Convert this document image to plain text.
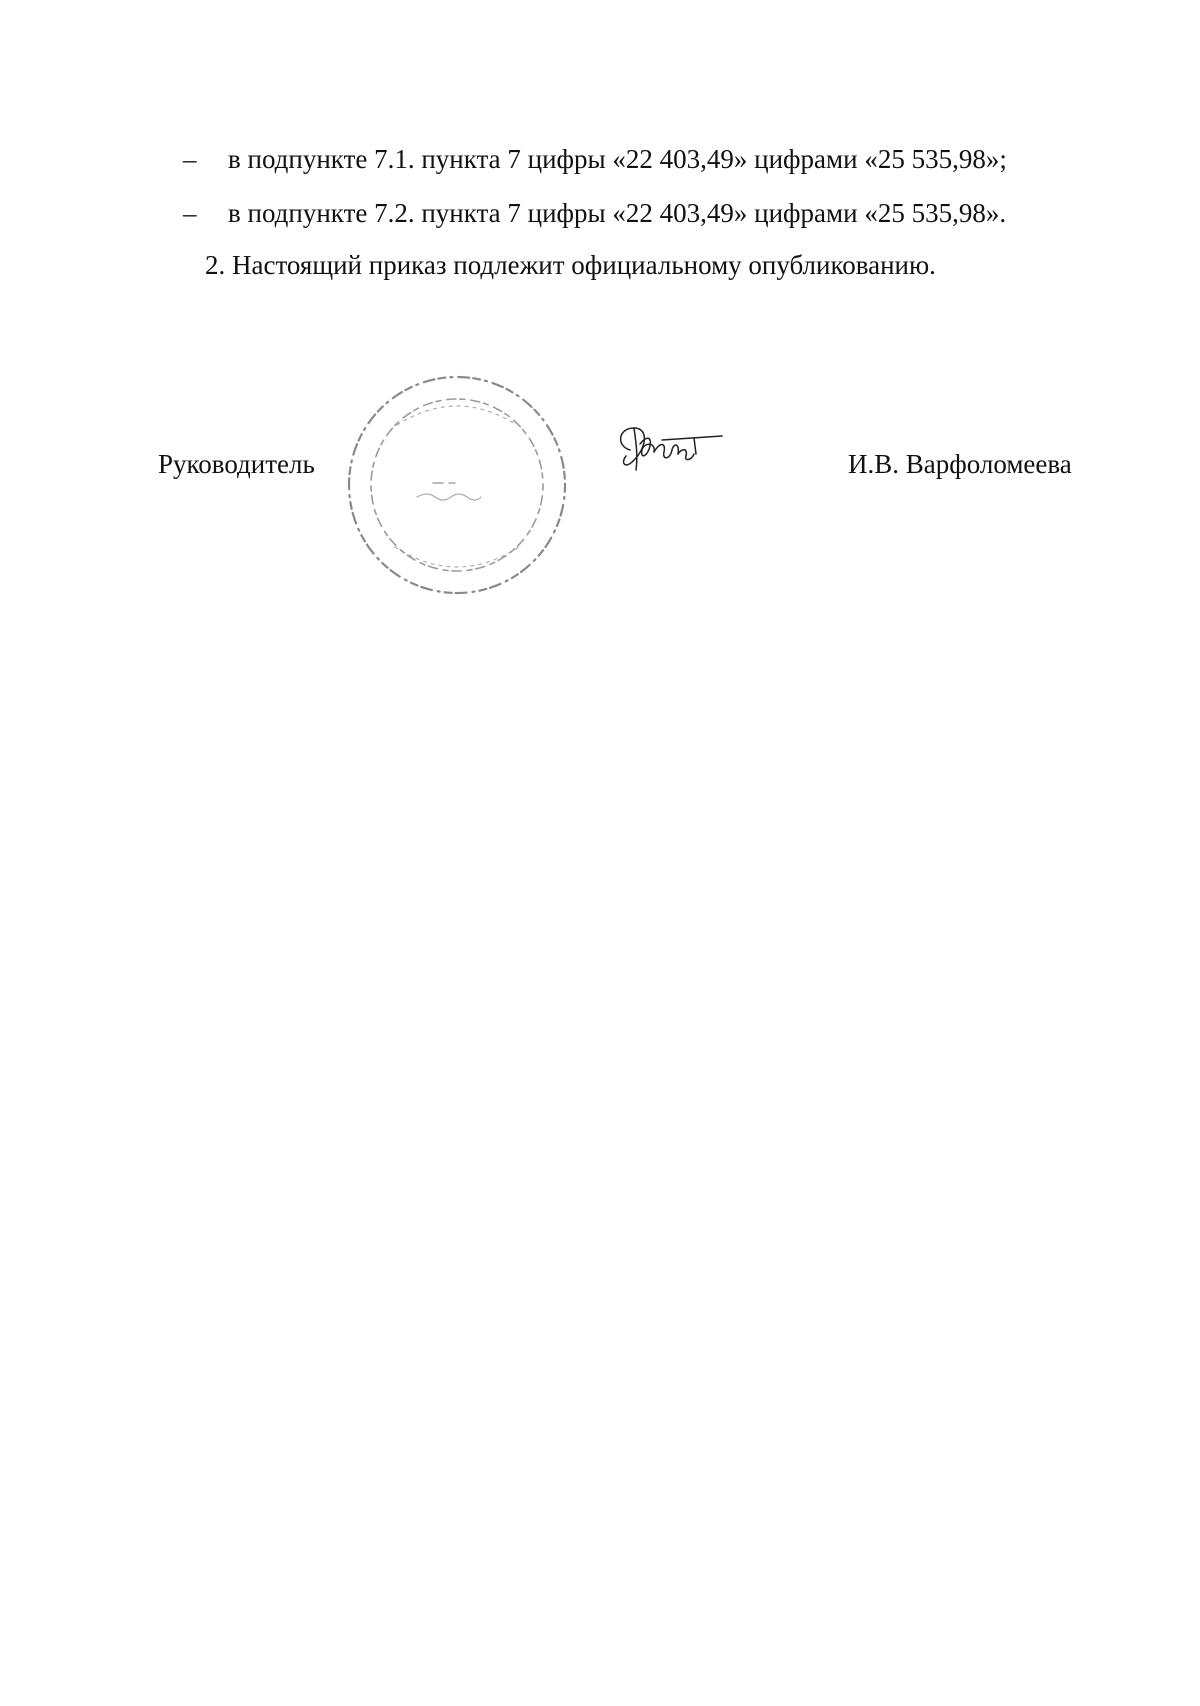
– в подпункте 7.1. пункта 7 цифры «22 403,49» цифрами «25 535,98»;
– в подпункте 7.2. пункта 7 цифры «22 403,49» цифрами «25 535,98».
2. Настоящий приказ подлежит официальному опубликованию.
Руководитель	И.В. Варфоломеева
